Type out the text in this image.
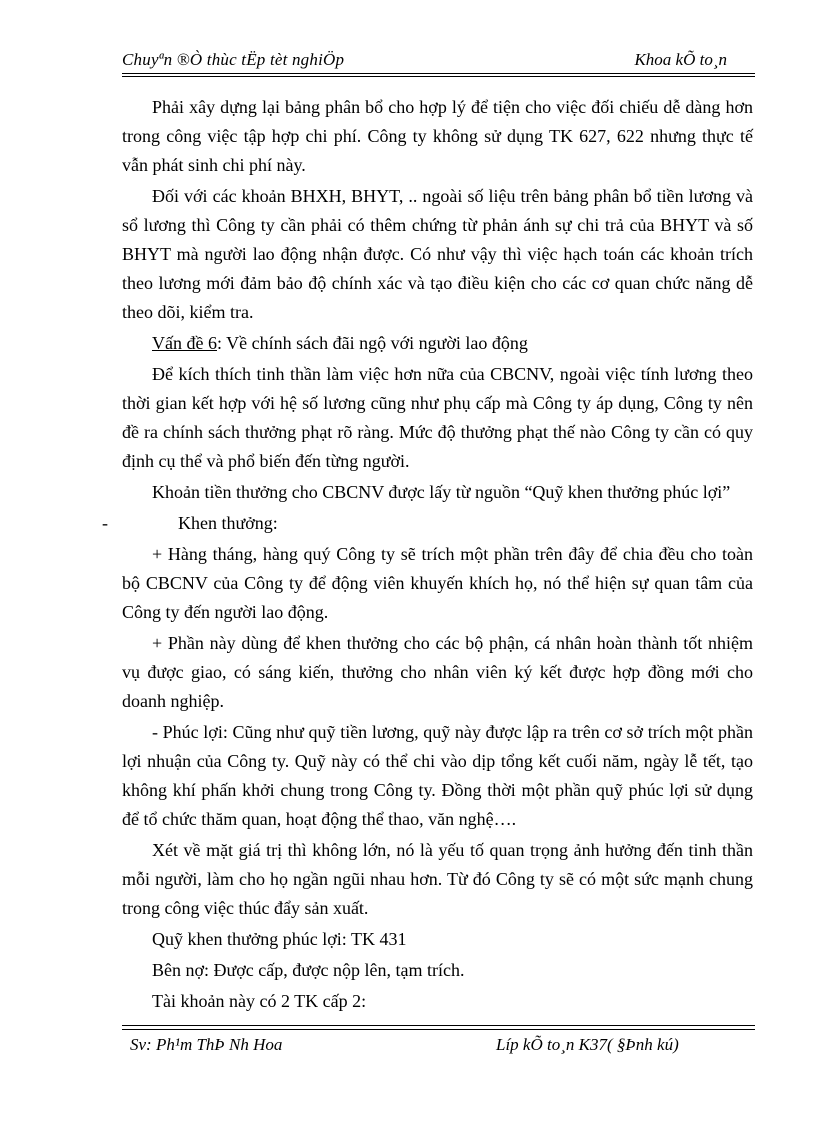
Chuyªn ®Ò thùc tËp tèt nghiÖp	Khoa kÕ to¸n

Phải xây dựng lại bảng phân bổ cho hợp lý để tiện cho việc đối chiếu dễ dàng hơn trong công việc tập hợp chi phí. Công ty không sử dụng TK 627, 622 nhưng thực tế vẫn phát sinh chi phí này.

Đối với các khoản BHXH, BHYT, .. ngoài số liệu trên bảng phân bổ tiền lương và sổ lương thì Công ty cần phải có thêm chứng từ phản ánh sự chi trả của BHYT và số BHYT mà người lao động nhận được. Có như vậy thì việc hạch toán các khoản trích theo lương mới đảm bảo độ chính xác và tạo điều kiện cho các cơ quan chức năng dễ theo dõi, kiểm tra.

Vấn đề 6: Về chính sách đãi ngộ với người lao động

Để kích thích tinh thần làm việc hơn nữa của CBCNV, ngoài việc tính lương theo thời gian kết hợp với hệ số lương cũng như phụ cấp mà Công ty áp dụng, Công ty nên đề ra chính sách thưởng phạt rõ ràng. Mức độ thưởng phạt thế nào Công ty cần có quy định cụ thể và phổ biến đến từng người.

Khoản tiền thưởng cho CBCNV được lấy từ nguồn “Quỹ khen thưởng phúc lợi”

-	Khen thưởng:

+ Hàng tháng, hàng quý Công ty sẽ trích một phần trên đây để chia đều cho toàn bộ CBCNV của Công ty để động viên khuyến khích họ, nó thể hiện sự quan tâm của Công ty đến người lao động.

+ Phần này dùng để khen thưởng cho các bộ phận, cá nhân hoàn thành tốt nhiệm vụ được giao, có sáng kiến, thưởng cho nhân viên ký kết được hợp đồng mới cho doanh nghiệp.

- Phúc lợi: Cũng như quỹ tiền lương, quỹ này được lập ra trên cơ sở trích một phần lợi nhuận của Công ty. Quỹ này có thể chi vào dịp tổng kết cuối năm, ngày lễ tết, tạo không khí phấn khởi chung trong Công ty. Đồng thời một phần quỹ phúc lợi sử dụng để tổ chức thăm quan, hoạt động thể thao, văn nghệ….

Xét về mặt giá trị thì không lớn, nó là yếu tố quan trọng ảnh hưởng đến tinh thần mỗi người, làm cho họ ngần ngũi nhau hơn. Từ đó Công ty sẽ có một sức mạnh chung trong công việc thúc đẩy sản xuất.

Quỹ khen thưởng phúc lợi: TK 431

Bên nợ: Được cấp, được nộp lên, tạm trích.

Tài khoản này có 2 TK cấp 2:

Sv: Ph¹m ThÞ Nh Hoa	Líp kÕ to¸n K37( §Þnh kú)
